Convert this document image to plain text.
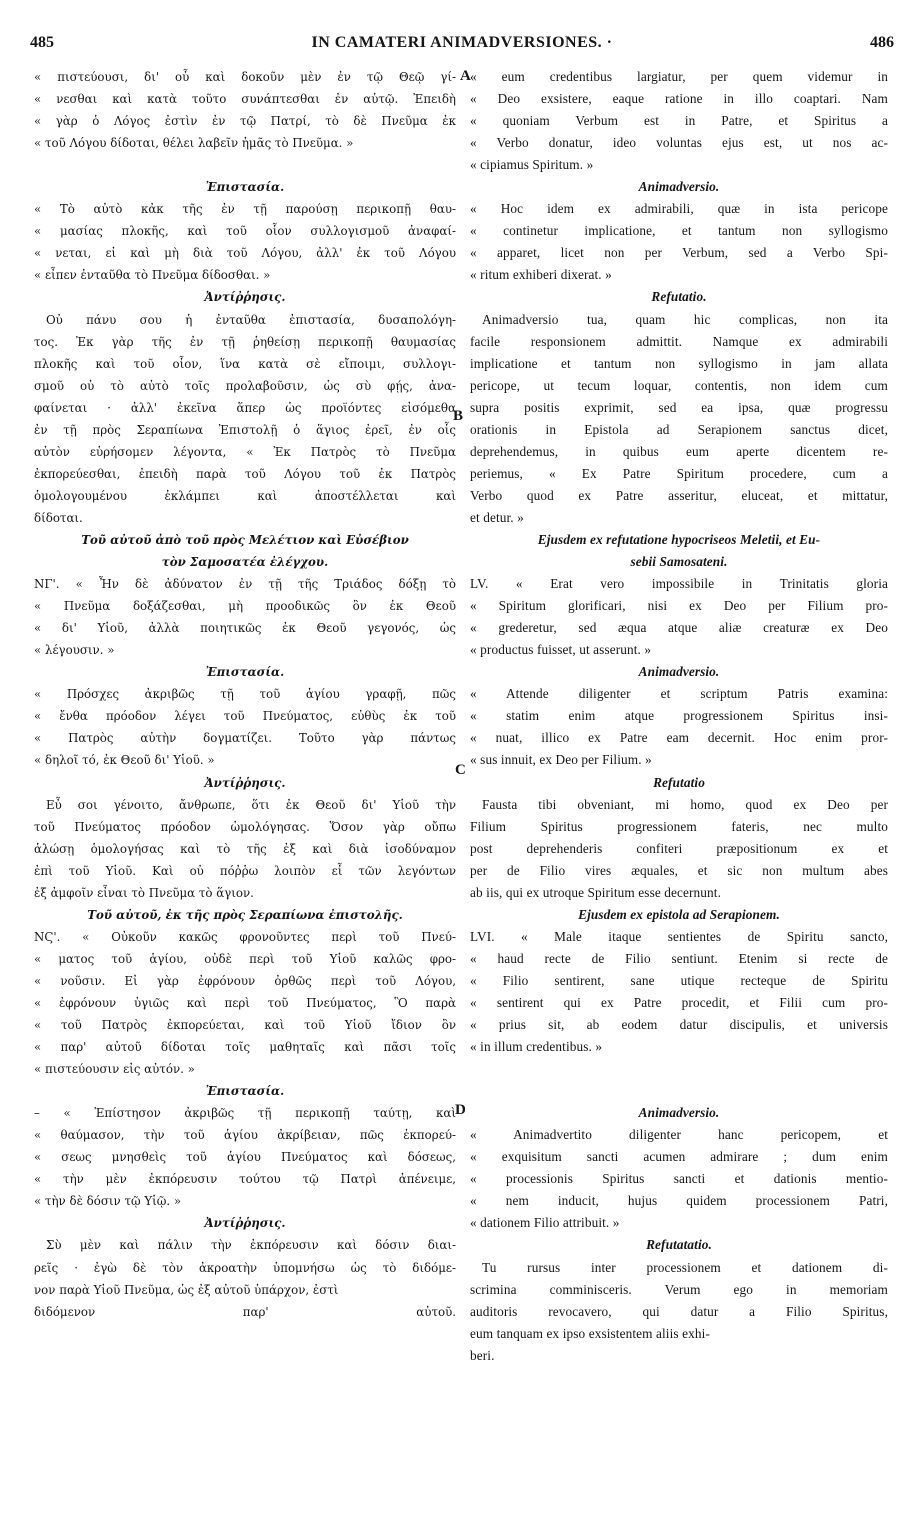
485	IN CAMATERI ANIMADVERSIONES. ·	486
« πιστεύουσι, δι' οὗ καὶ δοκοῦν μὲν ἐν τῷ Θεῷ γί-
« νεσθαι καὶ κατὰ τοῦτο συνάπτεσθαι ἐν αὐτῷ. Ἐπειδὴ
« γὰρ ὁ Λόγος ἐστὶν ἐν τῷ Πατρί, τὸ δὲ Πνεῦμα ἐκ
« τοῦ Λόγου δίδοται, θέλει λαβεῖν ἡμᾶς τὸ Πνεῦμα. »
Ἐπιστασία.
« Τὸ αὐτὸ κἀκ τῆς ἐν τῇ παρούσῃ περικοπῇ θαυ-
« μασίας πλοκῆς, καὶ τοῦ οἷον συλλογισμοῦ ἀναφαί-
« νεται, εἰ καὶ μὴ διὰ τοῦ Λόγου, ἀλλ' ἐκ τοῦ Λόγου
« εἶπεν ἐνταῦθα τὸ Πνεῦμα δίδοσθαι. »
Ἀντίῤῥησις.
Οὐ πάνυ σου ἡ ἐνταῦθα ἐπιστασία, δυσαπολόγη-
τος. Ἐκ γὰρ τῆς ἐν τῇ ῥηθείσῃ περικοπῇ θαυμασίας
πλοκῆς καὶ τοῦ οἷον, ἵνα κατὰ σὲ εἴποιμι, συλλογι-
σμοῦ οὐ τὸ αὐτὸ τοῖς προλαβοῦσιν, ὡς σὺ φῄς, ἀνα-
φαίνεται · ἀλλ' ἐκεῖνα ἅπερ ὡς προϊόντες εἰσόμεθα
ἐν τῇ πρὸς Σεραπίωνα Ἐπιστολῇ ὁ ἅγιος ἐρεῖ, ἐν οἷς
αὐτὸν εὑρήσομεν λέγοντα, « Ἐκ Πατρὸς τὸ Πνεῦμα
ἐκπορεύεσθαι, ἐπειδὴ παρὰ τοῦ Λόγου τοῦ ἐκ Πατρὸς
ὁμολογουμένου ἐκλάμπει καὶ ἀποστέλλεται καὶ
δίδοται.
Τοῦ αὐτοῦ ἀπὸ τοῦ πρὸς Μελέτιον καὶ Εὐσέβιον
τὸν Σαμοσατέα ἐλέγχου.
ΝΓ'. « Ἦν δὲ ἀδύνατον ἐν τῇ τῆς Τριάδος δόξῃ τὸ
« Πνεῦμα δοξάζεσθαι, μὴ προοδικῶς ὂν ἐκ Θεοῦ
« δι' Υἱοῦ, ἀλλὰ ποιητικῶς ἐκ Θεοῦ γεγονός, ὡς
« λέγουσιν. »
Ἐπιστασία.
« Πρόσχες ἀκριβῶς τῇ τοῦ ἁγίου γραφῇ, πῶς
« ἔνθα πρόοδον λέγει τοῦ Πνεύματος, εὐθὺς ἐκ τοῦ
« Πατρὸς αὐτὴν δογματίζει. Τοῦτο γὰρ πάντως
« δηλοῖ τό, ἐκ Θεοῦ δι' Υἱοῦ. »
Ἀντίῤῥησις.
Εὖ σοι γένοιτο, ἄνθρωπε, ὅτι ἐκ Θεοῦ δι' Υἱοῦ τὴν
τοῦ Πνεύματος πρόοδον ὡμολόγησας. Ὅσον γὰρ οὔπω
ἁλώσῃ ὁμολογήσας καὶ τὸ τῆς ἐξ καὶ διὰ ἰσοδύναμον
ἐπὶ τοῦ Υἱοῦ. Καὶ οὐ πόῤῥω λοιπὸν εἶ τῶν λεγόντων
ἐξ ἀμφοῖν εἶναι τὸ Πνεῦμα τὸ ἅγιον.
Τοῦ αὐτοῦ, ἐκ τῆς πρὸς Σεραπίωνα ἐπιστολῆς.
ΝϚ'. « Οὐκοῦν κακῶς φρονοῦντες περὶ τοῦ Πνεύ-
« ματος τοῦ ἁγίου, οὐδὲ περὶ τοῦ Υἱοῦ καλῶς φρο-
« νοῦσιν. Εἰ γὰρ ἐφρόνουν ὀρθῶς περὶ τοῦ Λόγου,
« ἐφρόνουν ὑγιῶς καὶ περὶ τοῦ Πνεύματος, Ὃ παρὰ
« τοῦ Πατρὸς ἐκπορεύεται, καὶ τοῦ Υἱοῦ ἴδιον ὂν
« παρ' αὐτοῦ δίδοται τοῖς μαθηταῖς καὶ πᾶσι τοῖς
« πιστεύουσιν εἰς αὐτόν. »
Ἐπιστασία.
– « Ἐπίστησον ἀκριβῶς τῇ περικοπῇ ταύτῃ, καὶ
« θαύμασον, τὴν τοῦ ἁγίου ἀκρίβειαν, πῶς ἐκπορεύ-
« σεως μνησθεὶς τοῦ ἁγίου Πνεύματος καὶ δόσεως,
« τὴν μὲν ἐκπόρευσιν τούτου τῷ Πατρὶ ἀπένειμε,
« τὴν δὲ δόσιν τῷ Υἱῷ. »
Ἀντίῤῥησις.
Σὺ μὲν καὶ πάλιν τὴν ἐκπόρευσιν καὶ δόσιν διαι-
ρεῖς · ἐγὼ δὲ τὸν ἀκροατὴν ὑπομνήσω ὡς τὸ διδόμε-
νον παρὰ Υἱοῦ Πνεῦμα, ὡς ἐξ αὐτοῦ ὑπάρχον, ἐστὶ
διδόμενον παρ' αὐτοῦ.
« eum credentibus largiatur, per quem videmur in
« Deo exsistere, eaque ratione in illo coaptari. Nam
« quoniam Verbum est in Patre, et Spiritus a
« Verbo donatur, ideo voluntas ejus est, ut nos ac-
« cipiamus Spiritum. »
Animadversio.
« Hoc idem ex admirabili, quæ in ista pericope
« continetur implicatione, et tantum non syllogismo
« apparet, licet non per Verbum, sed a Verbo Spi-
« ritum exhiberi dixerat. »
Refutatio.
Animadversio tua, quam hic complicas, non ita
facile responsionem admittit. Namque ex admirabili
implicatione et tantum non syllogismo in jam allata
pericope, ut tecum loquar, contentis, non idem cum
supra positis exprimit, sed ea ipsa, quæ progressu
orationis in Epistola ad Serapionem sanctus dicet,
deprehendemus, in quibus eum aperte dicentem re-
periemus, « Ex Patre Spiritum procedere, cum a
Verbo quod ex Patre asseritur, eluceat, et mittatur,
et detur. »
Ejusdem ex refutatione hypocriseos Meletii, et Eu-
sebii Samosateni.
LV. « Erat vero impossibile in Trinitatis gloria
« Spiritum glorificari, nisi ex Deo per Filium pro-
« grederetur, sed æqua atque aliæ creaturæ ex Deo
« productus fuisset, ut asserunt. »
Animadversio.
« Attende diligenter et scriptum Patris examina:
« statim enim atque progressionem Spiritus insi-
« nuat, illico ex Patre eam decernit. Hoc enim pror-
« sus innuit, ex Deo per Filium. »
Refutatio
Fausta tibi obveniant, mi homo, quod ex Deo per
Filium Spiritus progressionem fateris, nec multo
post deprehenderis confiteri præpositionum ex et
per de Filio vires æquales, et sic non multum abes
ab iis, qui ex utroque Spiritum esse decernunt.
Ejusdem ex epistola ad Serapionem.
LVI. « Male itaque sentientes de Spiritu sancto,
« haud recte de Filio sentiunt. Etenim si recte de
« Filio sentirent, sane utique recteque de Spiritu
« sentirent qui ex Patre procedit, et Filii cum pro-
« prius sit, ab eodem datur discipulis, et universis
« in illum credentibus. »
Animadversio.
« Animadvertito diligenter hanc pericopem, et
« exquisitum sancti acumen admirare ; dum enim
« processionis Spiritus sancti et dationis mentio-
« nem inducit, hujus quidem processionem Patri,
« dationem Filio attribuit. »
Refutatatio.
Tu rursus inter processionem et dationem di-
scrimina comminisceris. Verum ego in memoriam
auditoris revocavero, qui datur a Filio Spiritus,
eum tanquam ex ipso exsistentem aliis exhi-
beri.
A
B
C
D
